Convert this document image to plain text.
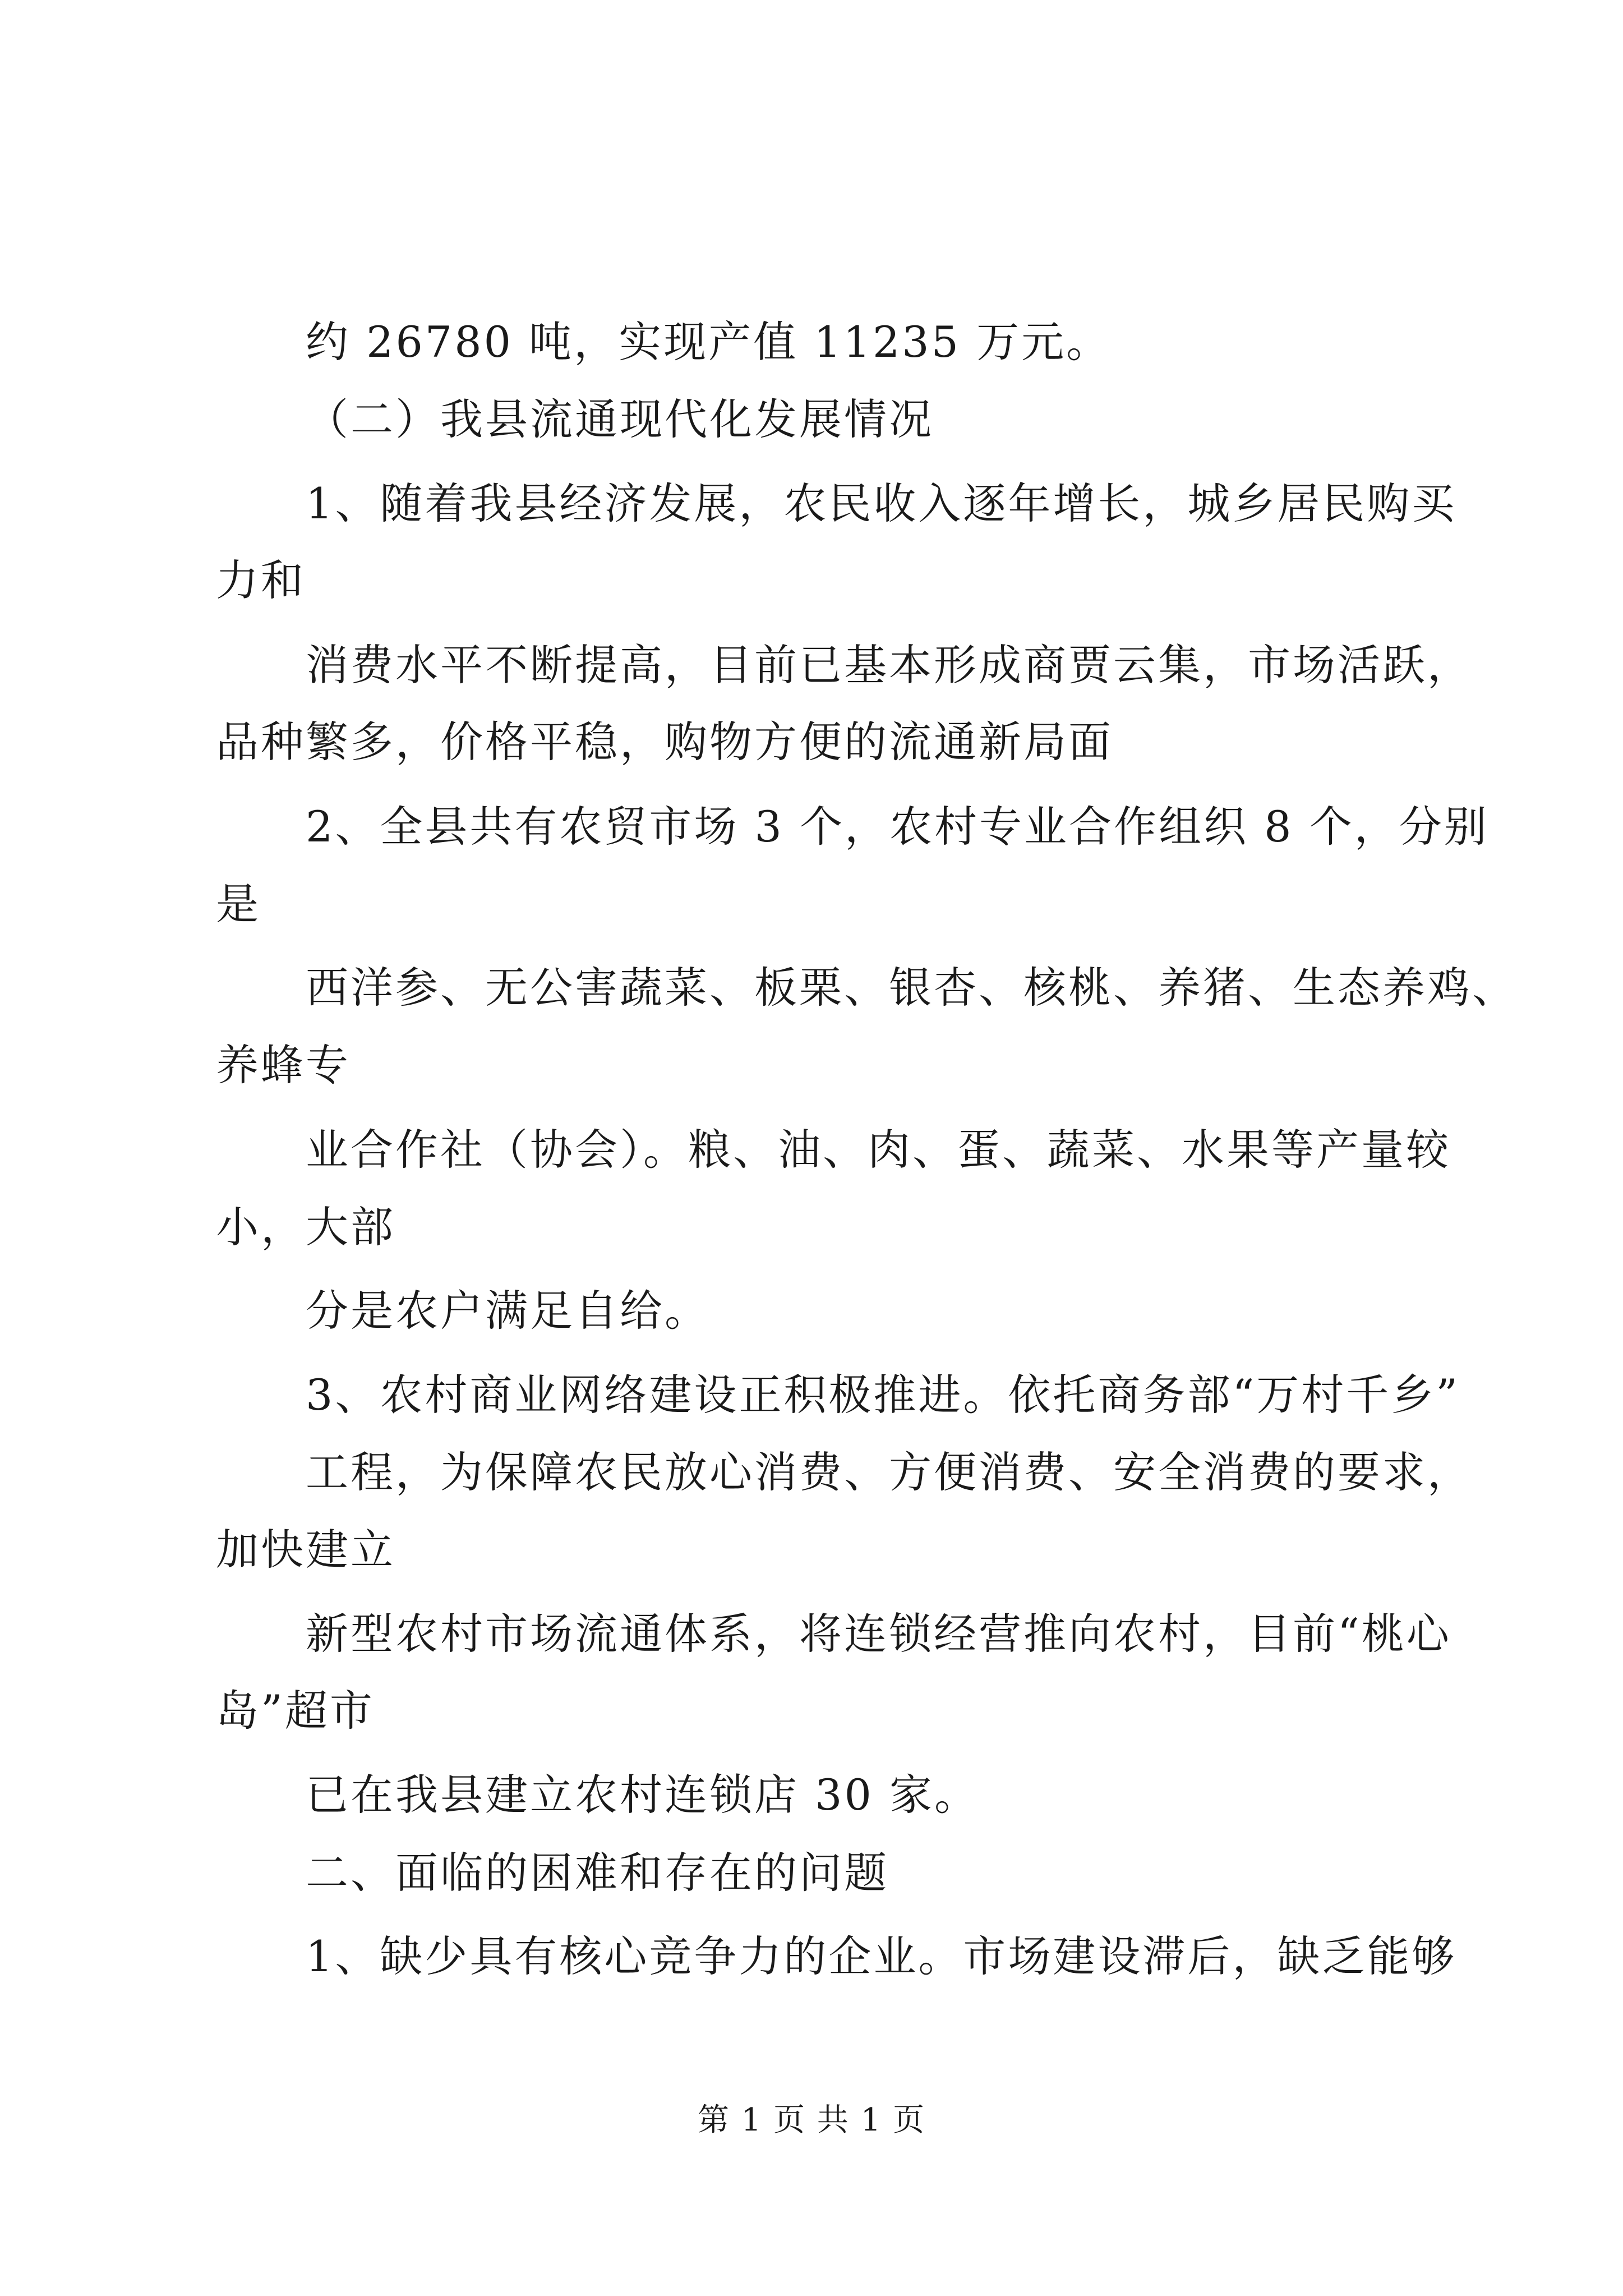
约 26780 吨，实现产值 11235 万元。
（二）我县流通现代化发展情况
1、随着我县经济发展，农民收入逐年增长，城乡居民购买
力和
消费水平不断提高，目前已基本形成商贾云集，市场活跃，
品种繁多，价格平稳，购物方便的流通新局面
2、全县共有农贸市场 3 个，农村专业合作组织 8 个，分别
是
西洋参、无公害蔬菜、板栗、银杏、核桃、养猪、生态养鸡、
养蜂专
业合作社（协会）。粮、油、肉、蛋、蔬菜、水果等产量较
小，大部
分是农户满足自给。
3、农村商业网络建设正积极推进。依托商务部“万村千乡”
工程，为保障农民放心消费、方便消费、安全消费的要求，
加快建立
新型农村市场流通体系，将连锁经营推向农村，目前“桃心
岛”超市
已在我县建立农村连锁店 30 家。
二、面临的困难和存在的问题
1、缺少具有核心竞争力的企业。市场建设滞后，缺乏能够
第 1 页 共 1 页
